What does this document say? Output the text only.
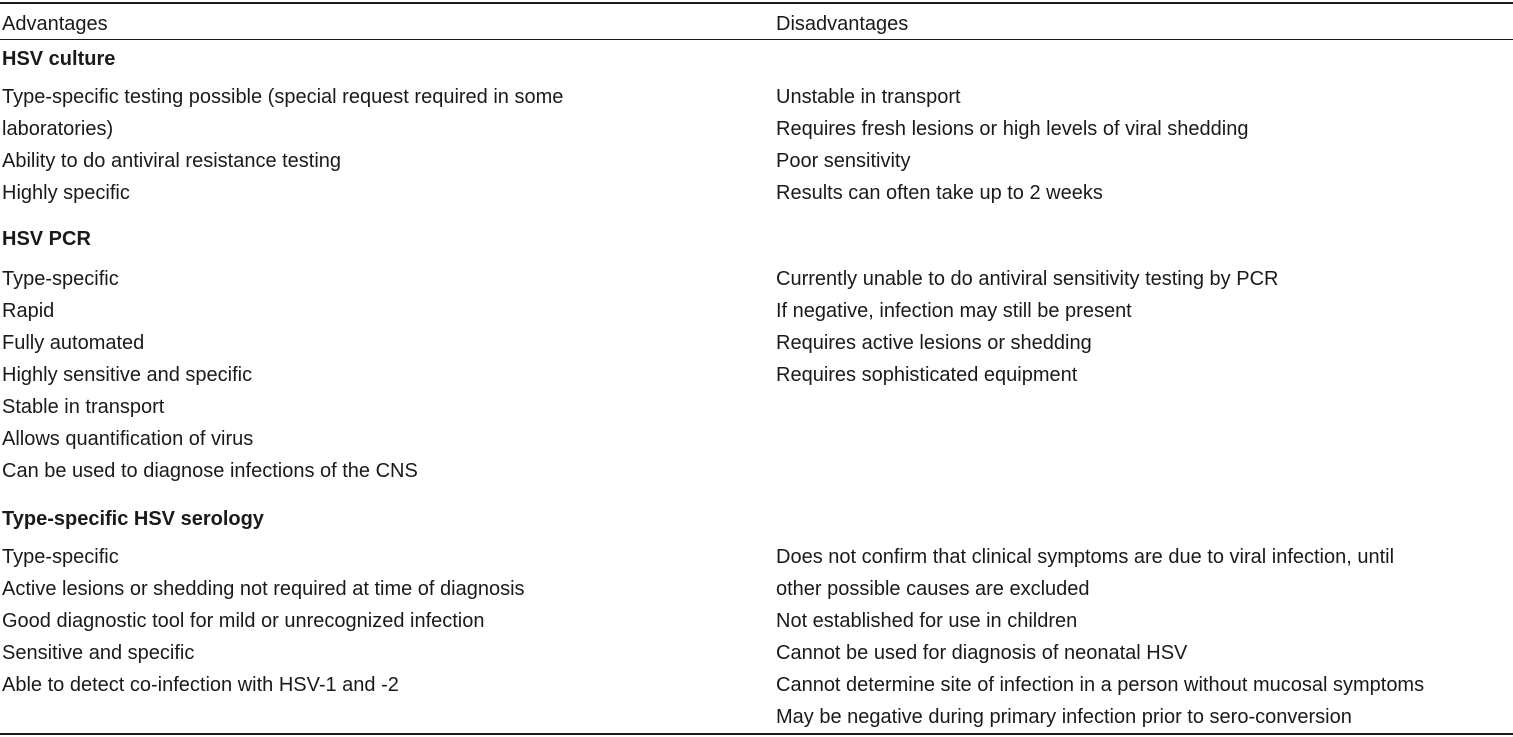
Advantages	Disadvantages
HSV culture
Type-specific testing possible (special request required in some
laboratories)
Ability to do antiviral resistance testing
Highly specific
Unstable in transport
Requires fresh lesions or high levels of viral shedding
Poor sensitivity
Results can often take up to 2 weeks
HSV PCR
Type-specific
Rapid
Fully automated
Highly sensitive and specific
Stable in transport
Allows quantification of virus
Can be used to diagnose infections of the CNS
Currently unable to do antiviral sensitivity testing by PCR
If negative, infection may still be present
Requires active lesions or shedding
Requires sophisticated equipment
Type-specific HSV serology
Type-specific
Active lesions or shedding not required at time of diagnosis
Good diagnostic tool for mild or unrecognized infection
Sensitive and specific
Able to detect co-infection with HSV-1 and -2
Does not confirm that clinical symptoms are due to viral infection, until
other possible causes are excluded
Not established for use in children
Cannot be used for diagnosis of neonatal HSV
Cannot determine site of infection in a person without mucosal symptoms
May be negative during primary infection prior to sero-conversion
